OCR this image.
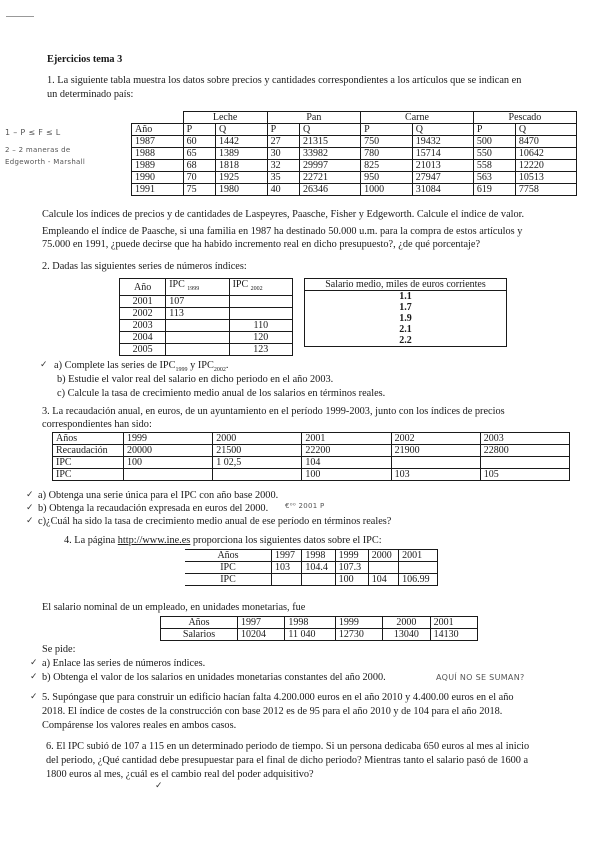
Ejercicios tema 3
1. La siguiente tabla muestra los datos sobre precios y cantidades correspondientes a los artículos que se indican en
un determinado país:
1 – P ≤ F ≤ L
2 – 2 maneras de
Edgeworth - Marshall
	Leche		Pan		Carne		Pescado	
Año	P	Q	P	Q	P	Q	P	Q
1987	60	1442	27	21315	750	19432	500	8470
1988	65	1389	30	33982	780	15714	550	10642
1989	68	1818	32	29997	825	21013	558	12220
1990	70	1925	35	22721	950	27947	563	10513
1991	75	1980	40	26346	1000	31084	619	7758
Calcule los índices de precios y de cantidades de Laspeyres, Paasche, Fisher y Edgeworth. Calcule el índice de valor.
Empleando el índice de Paasche, si una familia en 1987 ha destinado 50.000 u.m. para la compra de estos artículos y
75.000 en 1991, ¿puede decirse que ha habido incremento real en dicho presupuesto?, ¿de qué porcentaje?
2. Dadas las siguientes series de números índices:
Año	IPC $_{1999}$	IPC $_{2002}$
2001	107	
2002	113	
2003		110
2004		120
2005		123
Salario medio, miles de euros corrientes
1.1
1.7
1.9
2.1
2.2
✓ a) Complete las series de $IPC_{1999}$ y $IPC_{2002}$.
b) Estudie el valor real del salario en dicho periodo en el año 2003.
c) Calcule la tasa de crecimiento medio anual de los salarios en términos reales.
3. La recaudación anual, en euros, de un ayuntamiento en el período 1999-2003, junto con los índices de precios
correspondientes han sido:
Años	1999	2000	2001	2002	2003
Recaudación	20000	21500	22200	21900	22800
IPC	100	1 02,5	104		
IPC			100	103	105
✓ a) Obtenga una serie única para el IPC con año base 2000.
✓ b) Obtenga la recaudación expresada en euros del 2000. €⁰⁰ 2001 P
✓ c)¿Cuál ha sido la tasa de crecimiento medio anual de ese período en términos reales?
4. La página http://www.ine.es proporciona los siguientes datos sobre el IPC:
Años	1997	1998	1999	2000	2001
IPC	103	104.4	107.3		
IPC			100	104	106.99
El salario nominal de un empleado, en unidades monetarias, fue
Años	1997	1998	1999	2000	2001
Salarios	10204	11 040	12730	13040	14130
Se pide:
✓ a) Enlace las series de números índices.
✓ b) Obtenga el valor de los salarios en unidades monetarias constantes del año 2000.	AQUÍ NO SE SUMAN?
✓ 5. Supóngase que para construir un edificio hacían falta 4.200.000 euros en el año 2010 y 4.400.00 euros en el año
2018. El índice de costes de la construcción con base 2012 es de 95 para el año 2010 y de 104 para el año 2018.
Compárense los valores reales en ambos casos.
6. El IPC subió de 107 a 115 en un determinado periodo de tiempo. Si un persona dedicaba 650 euros al mes al inicio
del periodo, ¿Qué cantidad debe presupuestar para el final de dicho periodo? Mientras tanto el salario pasó de 1600 a
1800 euros al mes, ¿cuál es el cambio real del poder adquisitivo?
✓
